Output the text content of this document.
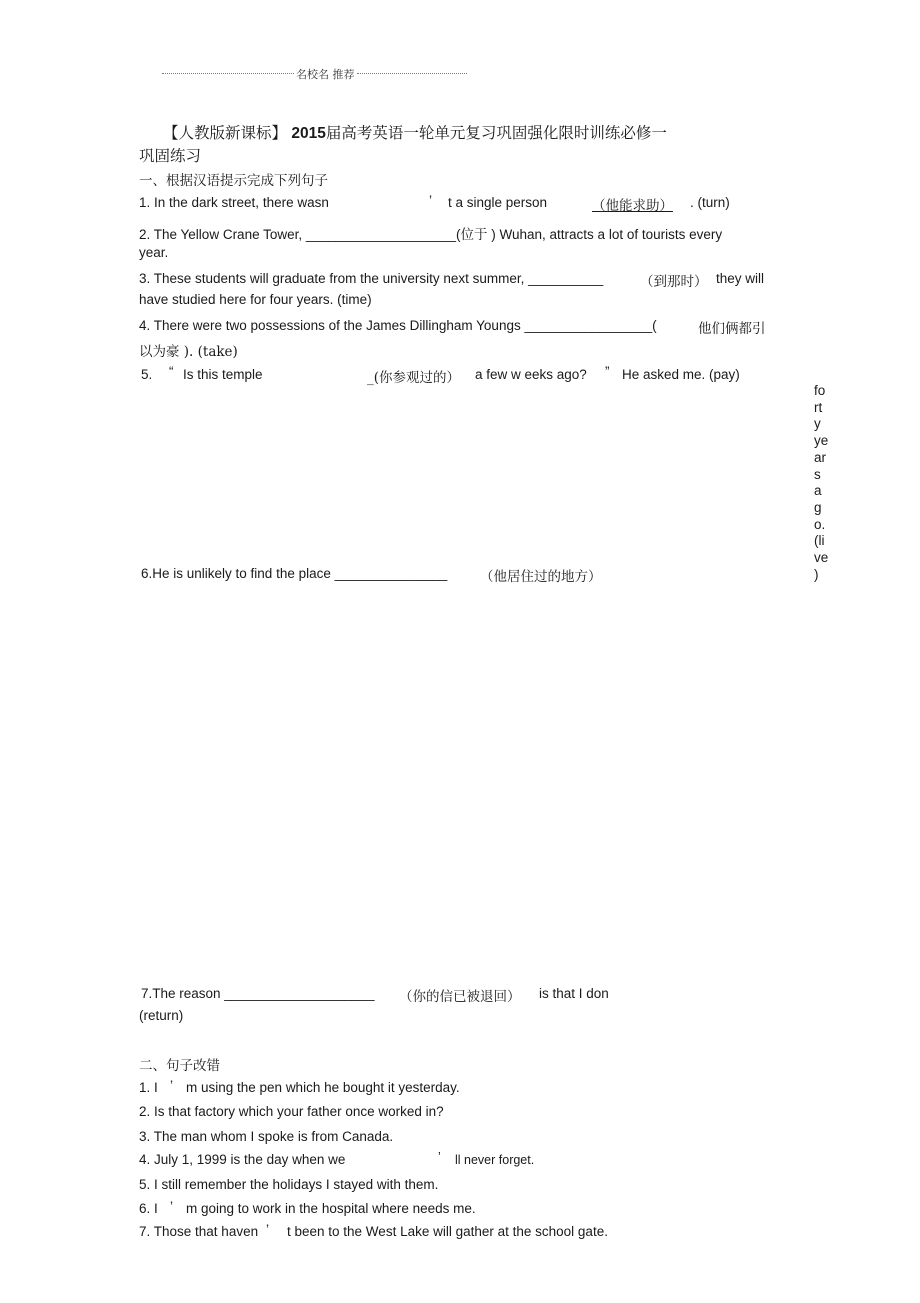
名校名 推荐
【人教版新课标】 2015届高考英语一轮单元复习巩固强化限时训练必修一
巩固练习
一、根据汉语提示完成下列句子
1. In the dark street, there wasn	’ t a single person	（他能求助） . (turn)
2. The Yellow Crane Tower, ____________________(位于 ) Wuhan, attracts a lot of tourists every
year.
3. These students will graduate from the university next summer, __________	（到那时） they will
have studied here for four years. (time)
4. There were two possessions of the James Dillingham Youngs _________________(	他们俩都引
以为豪 ). (take)
5. “ Is this temple	_(你参观过的） a few w eeks ago? ” He asked me. (pay)
fo
rt
y
ye
ar
s
a
g
o.
(li
ve
)
6.He is unlikely to find the place _______________ （他居住过的地方）
7.The reason ____________________ （你的信已被退回） is that I don
(return)
二、句子改错
1. I ’ m using the pen which he bought it yesterday.
2. Is that factory which your father once worked in?
3. The man whom I spoke is from Canada.
4. July 1, 1999 is the day when we	’ ll never forget.
5. I still remember the holidays I stayed with them.
6. I ’ m going to work in the hospital where needs me.
7. Those that haven ’ t been to the West Lake will gather at the school gate.
